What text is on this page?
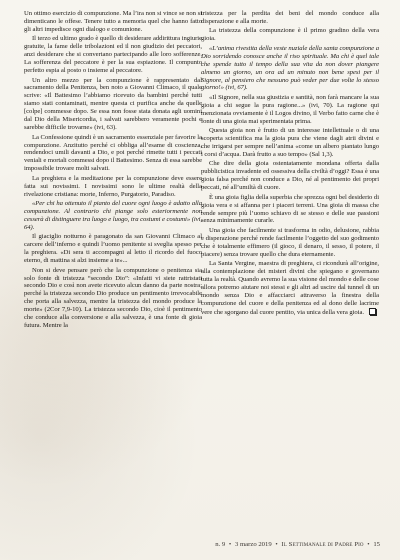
Un ottimo esercizio di compunzione. Ma l’ira non si vince se non si dimenticano le offese. Tenere tutto a memoria quel che hanno fatto gli altri impedisce ogni dialogo e comunione.

Il terzo ed ultimo grado è quello di desiderare addirittura ingiurie gratuite, la fame delle tribolazioni ed il non giudizio dei peccatori, anzi desiderare che si convertano partecipando alle loro sofferenze. La sofferenza del peccatore è per la sua espiazione. Il compunto perfetto espia al posto o insieme al peccatore.

Un altro mezzo per la compunzione è rappresentato dal sacramento della Penitenza, ben noto a Giovanni Climaco, il quale scrive: «Il Battesimo l’abbiamo ricevuto da bambini perché tutti siamo stati contaminati, mentre questa ci purifica anche da quelle [colpe] commesse dopo. Se essa non fosse stata donata agli uomini dal Dio della Misericordia, i salvati sarebbero veramente pochi e sarebbe difficile trovarne» (ivi, 63).

La Confessione quindi è un sacramento essenziale per favorire la compunzione. Anzitutto perché ci obbliga all’esame di coscienza, rendendoci umili davanti a Dio, e poi perché rimette tutti i peccati veniali e mortali commessi dopo il Battesimo. Senza di essa sarebbe impossibile trovare molti salvati.

La preghiera e la meditazione per la compunzione deve essere fatta sui novissimi. I novissimi sono le ultime realtà della rivelazione cristiana: morte, Inferno, Purgatorio, Paradiso.

«Per chi ha ottenuto il pianto del cuore ogni luogo è adatto alla compunzione. Al contrario chi piange solo esteriormente non cesserà di distinguere tra luogo e luogo, tra costumi e costumi» (ivi, 64).

Il giaciglio notturno è paragonato da san Giovanni Climaco al carcere dell’inferno e quindi l’uomo penitente si sveglia spesso per la preghiera. «Di sera ti accompagni al letto il ricordo del fuoco eterno, di mattina si alzi insieme a te»...

Non si deve pensare però che la compunzione o penitenza sia solo fonte di tristezza “secondo Dio”: «Infatti vi siete rattristati secondo Dio e così non avete ricevuto alcun danno da parte nostra; perché la tristezza secondo Dio produce un pentimento irrevocabile che porta alla salvezza, mentre la tristezza del mondo produce la morte» (2Cor 7,9-10). La tristezza secondo Dio, cioè il pentimento che conduce alla conversione e alla salvezza, è una fonte di gioia futura. Mentre la

tristezza per la perdita dei beni del mondo conduce alla disperazione e alla morte.

La tristezza della compunzione è il primo gradino della vera gioia.

«L’anima rivestita della veste nuziale della santa compunzione a Dio sorridendo conosce anche il riso spirituale. Ma chi è quel tale che spende tutto il tempo della sua vita da non dover piangere almeno un giorno, un ora ad un minuto non bene spesi per il Signore, al pensiero che nessuno può veder per due volte lo stesso giorno!» (ivi, 67).

«Il Signore, nella sua giustizia e santità, non farà mancare la sua gioia a chi segue la pura ragione...» (ivi, 70). La ragione qui menzionata ovviamente è il Logos divino, il Verbo fatto carne che è fonte di una gioia mai sperimentata prima.

Questa gioia non è frutto di un interesse intellettuale o di una scoperta scientifica ma la gioia pura che viene dagli atrii divini e che irrigarsi per sempre nell’anima «come un albero piantato lungo i corsi d’acqua. Darà frutto a suo tempo» (Sal 1,3).

Che dire della gioia ostentatamente mondana offerta dalla pubblicistica invadente ed ossessiva della civiltà d’oggi? Essa è una gioia falsa perché non conduce a Dio, né al pentimento dei propri peccati, né all’umiltà di cuore.

È una gioia figlia della superbia che sprezza ogni bel desiderio di gioia vera e si affanna per i piaceri terreni. Una gioia di massa che rende sempre più l’uomo schiavo di se stesso e delle sue passioni senza minimamente curarle.

Una gioia che facilmente si trasforma in odio, delusione, rabbia e disperazione perché rende facilmente l’oggetto del suo godimento che è totalmente effimero (il gioco, il denaro, il sesso, il potere, il piacere) senza trovare quello che dura eternamente.

La Santa Vergine, maestra di preghiera, ci ricondurà all’origine, alla contemplazione dei misteri divini che spiegano e governano tutta la realtà. Quando avremo la sua visione del mondo e delle cose allora potremo aiutare noi stessi e gli altri ad uscire dal tunnel di un mondo senza Dio e affacciarci attraverso la finestra della compunzione del cuore e della penitenza ed al dono delle lacrime vere che sgorgano dal cuore pentito, via unica della vera gioia.

n. 9 • 3 marzo 2019 • Il Settimanale di Padre Pio • 15
